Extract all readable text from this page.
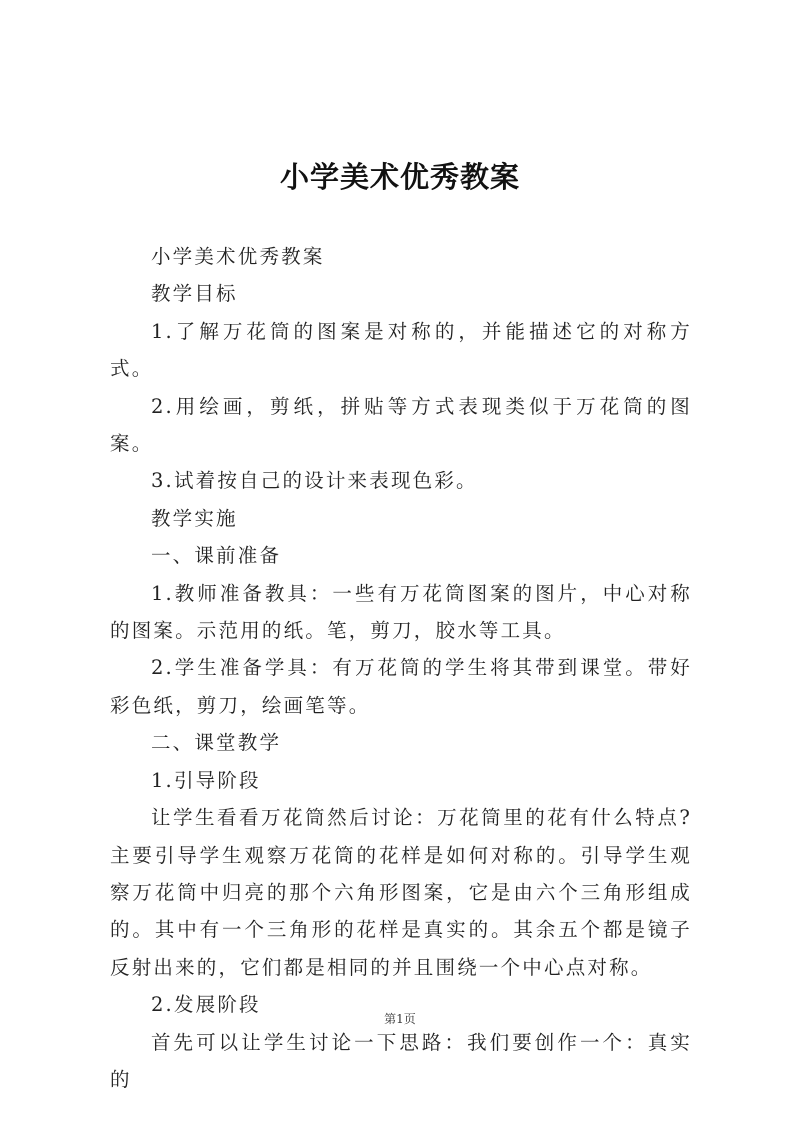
小学美术优秀教案

小学美术优秀教案

教学目标

1.了解万花筒的图案是对称的，并能描述它的对称方式。

2.用绘画，剪纸，拼贴等方式表现类似于万花筒的图案。

3.试着按自己的设计来表现色彩。

教学实施

一、课前准备

1.教师准备教具：一些有万花筒图案的图片，中心对称的图案。示范用的纸。笔，剪刀，胶水等工具。

2.学生准备学具：有万花筒的学生将其带到课堂。带好彩色纸，剪刀，绘画笔等。

二、课堂教学

1.引导阶段

让学生看看万花筒然后讨论：万花筒里的花有什么特点?主要引导学生观察万花筒的花样是如何对称的。引导学生观察万花筒中归亮的那个六角形图案，它是由六个三角形组成的。其中有一个三角形的花样是真实的。其余五个都是镜子反射出来的，它们都是相同的并且围绕一个中心点对称。

2.发展阶段

首先可以让学生讨论一下思路：我们要创作一个：真实的

第1页
